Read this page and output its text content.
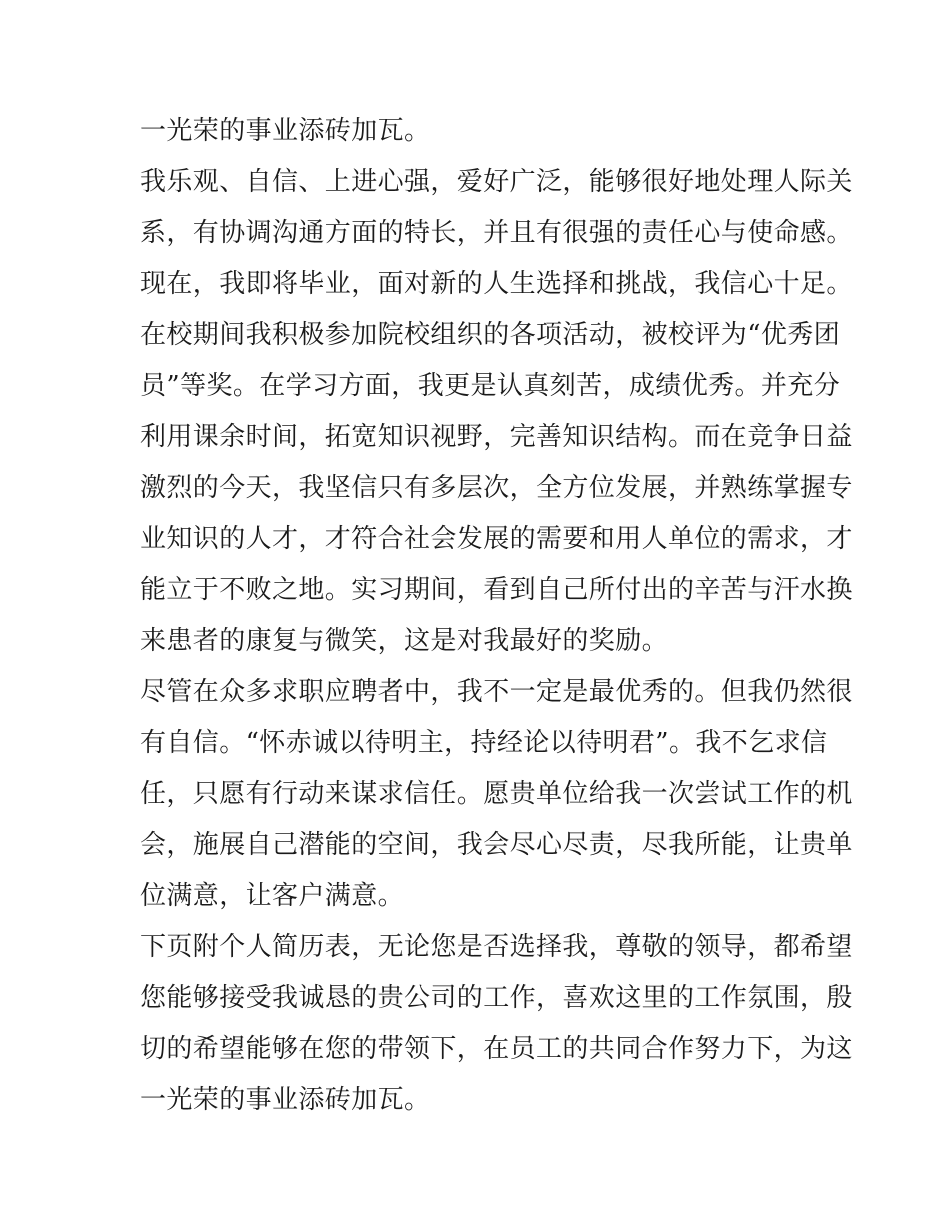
一光荣的事业添砖加瓦。
我乐观、自信、上进心强，爱好广泛，能够很好地处理人际关
系，有协调沟通方面的特长，并且有很强的责任心与使命感。
现在，我即将毕业，面对新的人生选择和挑战，我信心十足。
在校期间我积极参加院校组织的各项活动，被校评为“优秀团
员”等奖。在学习方面，我更是认真刻苦，成绩优秀。并充分
利用课余时间，拓宽知识视野，完善知识结构。而在竞争日益
激烈的今天，我坚信只有多层次，全方位发展，并熟练掌握专
业知识的人才，才符合社会发展的需要和用人单位的需求，才
能立于不败之地。实习期间，看到自己所付出的辛苦与汗水换
来患者的康复与微笑，这是对我最好的奖励。
尽管在众多求职应聘者中，我不一定是最优秀的。但我仍然很
有自信。“怀赤诚以待明主，持经论以待明君”。我不乞求信
任，只愿有行动来谋求信任。愿贵单位给我一次尝试工作的机
会，施展自己潜能的空间，我会尽心尽责，尽我所能，让贵单
位满意，让客户满意。
下页附个人简历表，无论您是否选择我，尊敬的领导，都希望
您能够接受我诚恳的贵公司的工作，喜欢这里的工作氛围，殷
切的希望能够在您的带领下，在员工的共同合作努力下，为这
一光荣的事业添砖加瓦。
